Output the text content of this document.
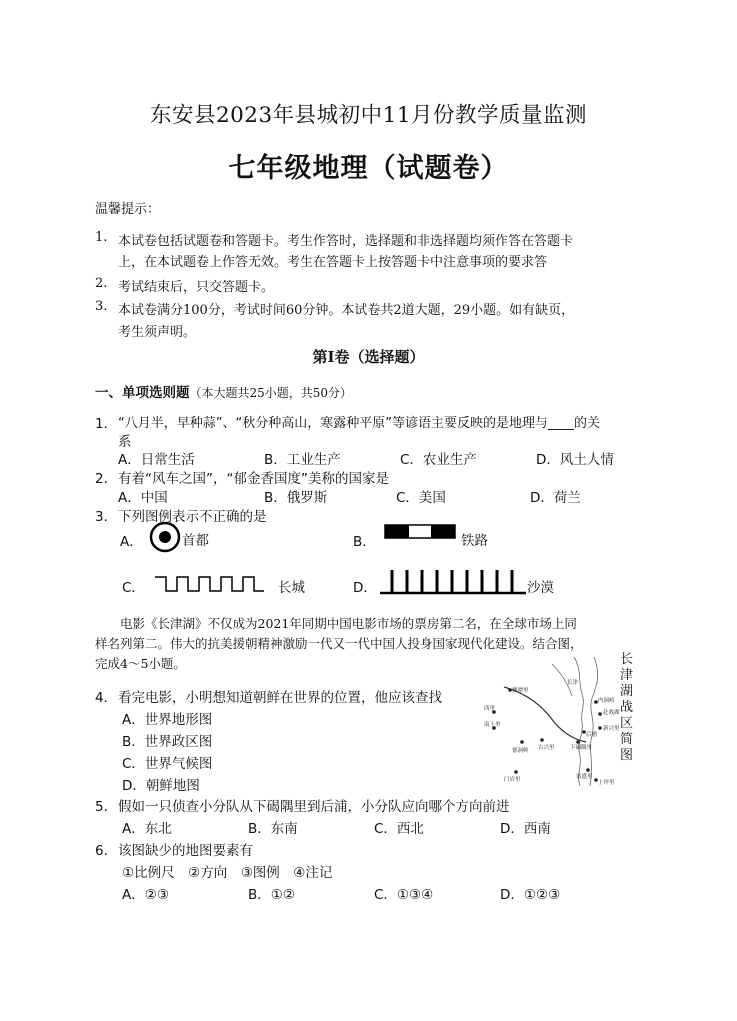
东安县2023年县城初中11月份教学质量监测
七年级地理（试题卷）
温馨提示：
1. 本试卷包括试题卷和答题卡。考生作答时，选择题和非选择题均须作答在答题卡
上，在本试题卷上作答无效。考生在答题卡上按答题卡中注意事项的要求答
2. 考试结束后，只交答题卡。
3. 本试卷满分100分，考试时间60分钟。本试卷共2道大题，29小题。如有缺页，
考生须声明。
第I卷（选择题）
一、单项选则题（本大题共25小题，共50分）
1． “八月半，早种蒜”、“秋分种高山，寒露种平原”等谚语主要反映的是地理与____的关
系
A．日常生活	B．工业生产	C．农业生产	D．风土人情
2． 有着“风车之国”，“郁金香国度”美称的国家是
A．中国	B．俄罗斯	C．美国	D．荷兰
3． 下列图例表示不正确的是
A．	首都	B．	铁路
C．	长城	D．	沙漠
电影《长津湖》不仅成为2021年同期中国电影市场的票房第二名，在全球市场上同
样名列第二。伟大的抗美援朝精神激励一代又一代中国人投身国家现代化建设。结合图，
完成4～5小题。
柳潭里
西里
南上里
德洞岭 古兴里	下碣隅里
新兴里
赴战湖
后浦
富盛里
上坪里
门岩里
内洞峙
长津
长津湖战区简图
4． 看完电影，小明想知道朝鲜在世界的位置，他应该查找
A．世界地形图
B．世界政区图
C．世界气候图
D．朝鲜地图
5． 假如一只侦查小分队从下碣隅里到后浦，小分队应向哪个方向前进
A．东北	B．东南	C．西北	D．西南
6． 该图缺少的地图要素有
①比例尺　②方向　③图例　④注记
A．②③	B．①②	C．①③④	D．①②③
